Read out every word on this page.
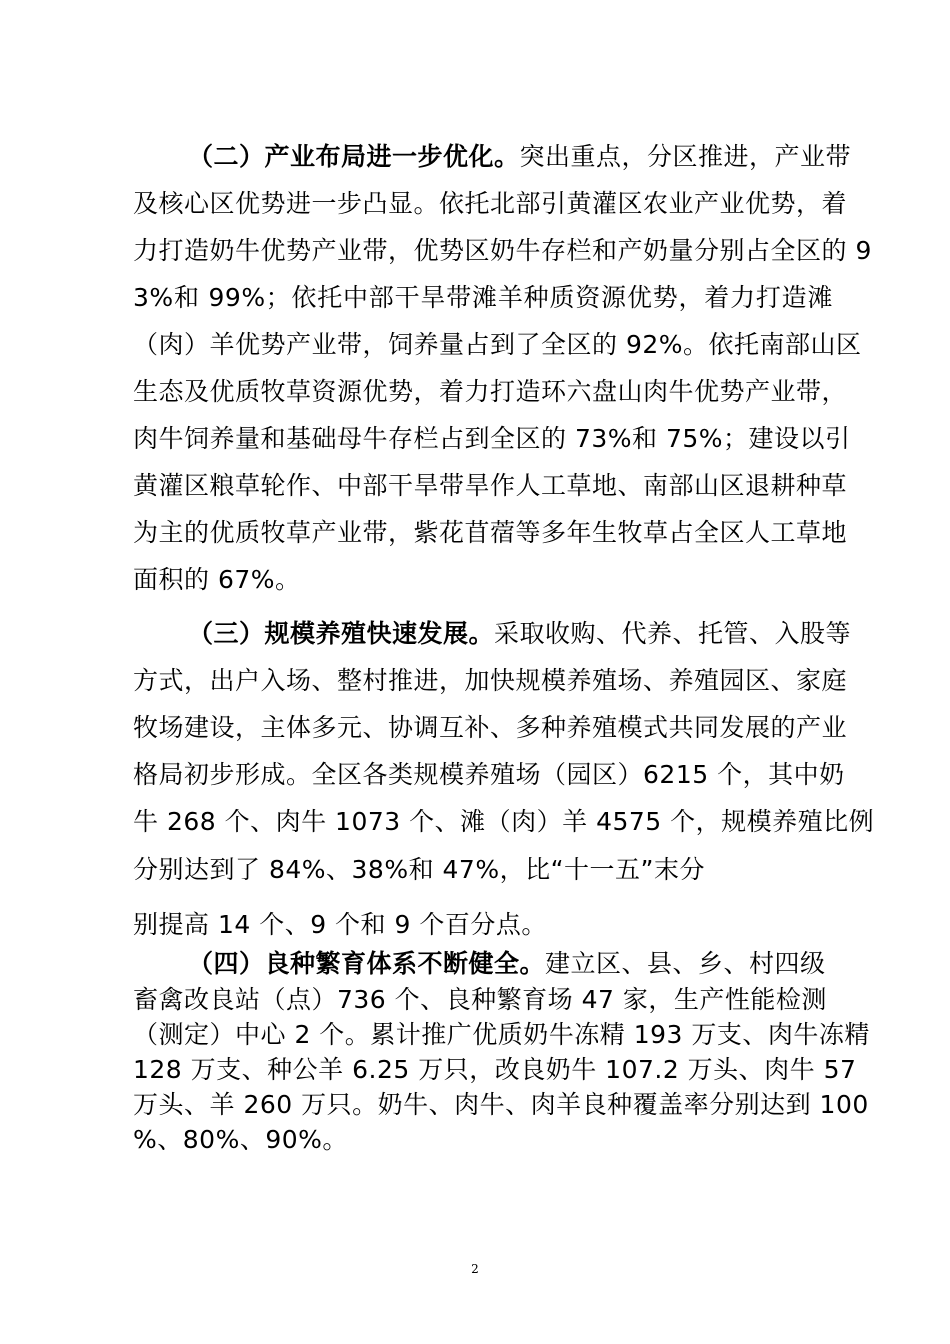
（二）产业布局进一步优化。突出重点，分区推进，产业带
及核心区优势进一步凸显。依托北部引黄灌区农业产业优势，着
力打造奶牛优势产业带，优势区奶牛存栏和产奶量分别占全区的 9
3%和 99%；依托中部干旱带滩羊种质资源优势，着力打造滩
（肉）羊优势产业带，饲养量占到了全区的 92%。依托南部山区
生态及优质牧草资源优势，着力打造环六盘山肉牛优势产业带，
肉牛饲养量和基础母牛存栏占到全区的 73%和 75%；建设以引
黄灌区粮草轮作、中部干旱带旱作人工草地、南部山区退耕种草
为主的优质牧草产业带，紫花苜蓿等多年生牧草占全区人工草地
面积的 67%。
（三）规模养殖快速发展。采取收购、代养、托管、入股等
方式，出户入场、整村推进，加快规模养殖场、养殖园区、家庭
牧场建设，主体多元、协调互补、多种养殖模式共同发展的产业
格局初步形成。全区各类规模养殖场（园区）6215 个，其中奶
牛 268 个、肉牛 1073 个、滩（肉）羊 4575 个，规模养殖比例
分别达到了 84%、38%和 47%，比“十一五”末分
别提高 14 个、9 个和 9 个百分点。
（四）良种繁育体系不断健全。建立区、县、乡、村四级
畜禽改良站（点）736 个、良种繁育场 47 家，生产性能检测
（测定）中心 2 个。累计推广优质奶牛冻精 193 万支、肉牛冻精
128 万支、种公羊 6.25 万只，改良奶牛 107.2 万头、肉牛 57
万头、羊 260 万只。奶牛、肉牛、肉羊良种覆盖率分别达到 100
%、80%、90%。
2
